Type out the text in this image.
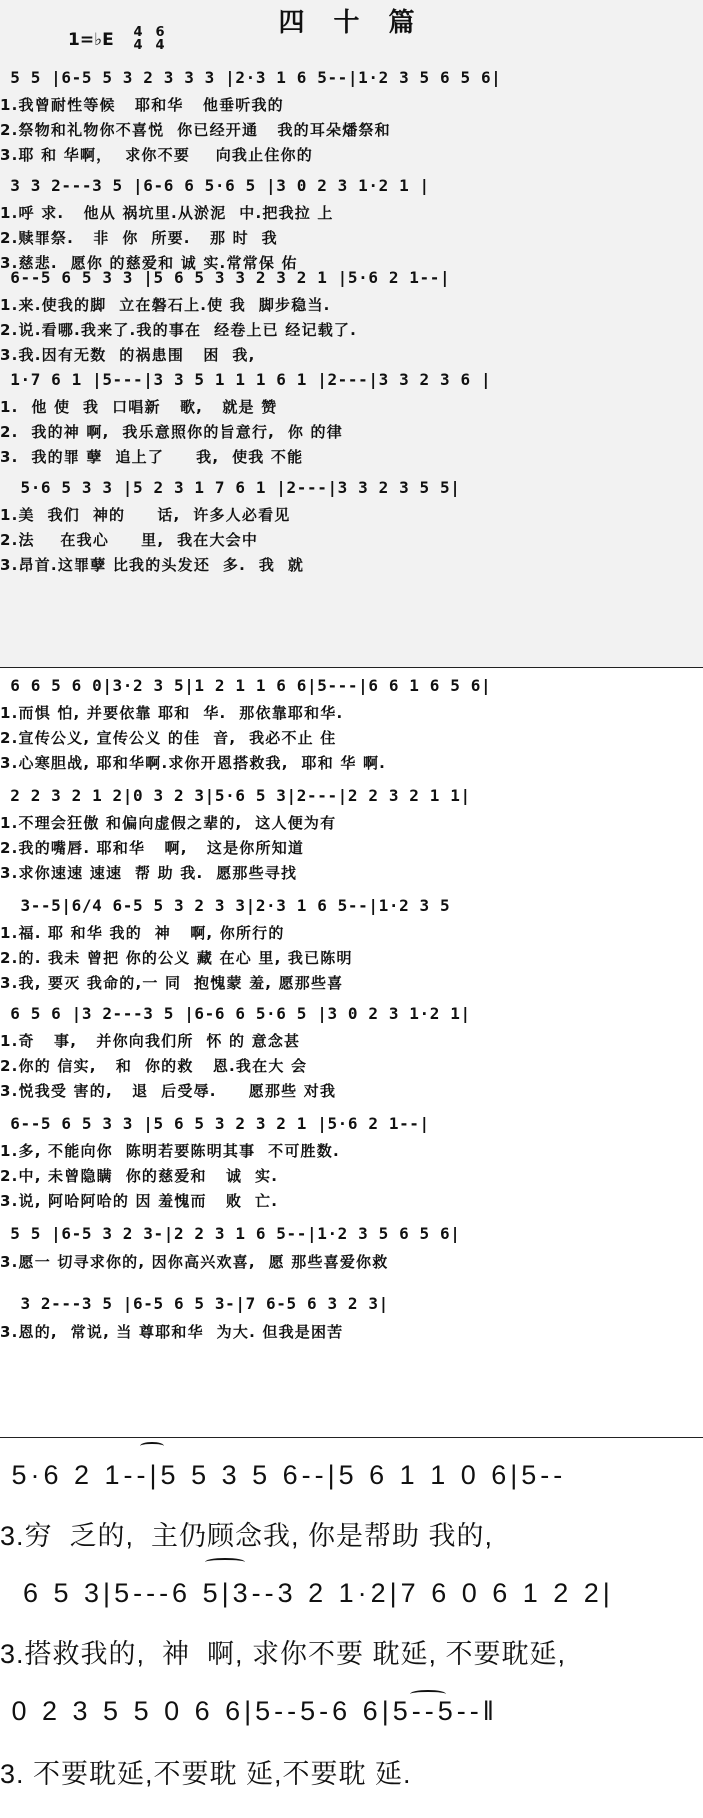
四 十 篇
1=♭E 4
4
6
4
5 5 |6-5 5 3 2 3 3 3 |2·3 1 6 5--|1·2 3 5 6 5 6|
1.我曾耐性等候   耶和华   他垂听我的
2.祭物和礼物你不喜悦  你已经开通   我的耳朵燔祭和
3.耶 和 华啊，  求你不要    向我止住你的
3 3 2---3 5 |6-6 6 5·6 5 |3 0 2 3 1·2 1 |
1.呼 求.   他从 祸坑里.从淤泥  中.把我拉 上
2.赎罪祭.   非  你  所要.   那 时  我
3.慈悲.  愿你 的慈爱和 诚 实.常常保 佑
6--5 6 5 3 3 |5 6 5 3 3 2 3 2 1 |5·6 2 1--|
1.来.使我的脚  立在磐石上.使 我  脚步稳当.
2.说.看哪.我来了.我的事在  经卷上已 经记载了.
3.我.因有无数  的祸患围   困  我,
1·7 6 1 |5---|3 3 5 1 1 1 6 1 |2---|3 3 2 3 6 |
1.  他 使  我  口唱新   歌,   就是 赞
2.  我的神 啊,  我乐意照你的旨意行,  你 的律
3.  我的罪 孽  追上了     我,  使我 不能
5·6 5 3 3 |5 2 3 1 7 6 1 |2---|3 3 2 3 5 5|
1.美  我们  神的     话,  许多人必看见
2.法    在我心     里,  我在大会中
3.昂首.这罪孽 比我的头发还  多.  我  就
6 6 5 6 0|3·2 3 5|1 2 1 1 6 6|5---|6 6 1 6 5 6|
1.而惧 怕, 并要依靠 耶和  华.  那依靠耶和华.
2.宣传公义, 宣传公义 的佳  音,  我必不止 住
3.心寒胆战, 耶和华啊.求你开恩搭救我,  耶和 华 啊.
2 2 3 2 1 2|0 3 2 3|5·6 5 3|2---|2 2 3 2 1 1|
1.不理会狂傲 和偏向虚假之辈的,  这人便为有
2.我的嘴唇. 耶和华   啊,   这是你所知道
3.求你速速 速速  帮 助 我.  愿那些寻找
3--5|6/4 6-5 5 3 2 3 3|2·3 1 6 5--|1·2 3 5
1.福. 耶 和华 我的  神   啊, 你所行的
2.的. 我未 曾把 你的公义 藏 在心 里, 我已陈明
3.我, 要灭 我命的,一 同  抱愧蒙 羞, 愿那些喜
6 5 6 |3 2---3 5 |6-6 6 5·6 5 |3 0 2 3 1·2 1|
1.奇   事,   并你向我们所  怀 的 意念甚
2.你的 信实,   和  你的救   恩.我在大 会
3.悦我受 害的,   退  后受辱.     愿那些 对我
6--5 6 5 3 3 |5 6 5 3 2 3 2 1 |5·6 2 1--|
1.多, 不能向你  陈明若要陈明其事  不可胜数.
2.中, 未曾隐瞒  你的慈爱和   诚  实.
3.说, 阿哈阿哈的 因 羞愧而   败  亡.
5 5 |6-5 3 2 3-|2 2 3 1 6 5--|1·2 3 5 6 5 6|
3.愿一 切寻求你的, 因你高兴欢喜,  愿 那些喜爱你救
3 2---3 5 |6-5 6 5 3-|7 6-5 6 3 2 3|
3.恩的,  常说, 当 尊耶和华  为大. 但我是困苦
5·6 2 1--|5 5 3 5 6--|5 6 1 1 0 6|5--
3.穷  乏的,  主仍顾念我, 你是帮助 我的,
6 5 3|5---6 5|3--3 2 1·2|7 6 0 6 1 2 2|
3.搭救我的,  神  啊, 求你不要 耽延, 不要耽延,
0 2 3 5 5 0 6 6|5--5-6 6|5--5--‖
3. 不要耽延,不要耽 延,不要耽 延.
